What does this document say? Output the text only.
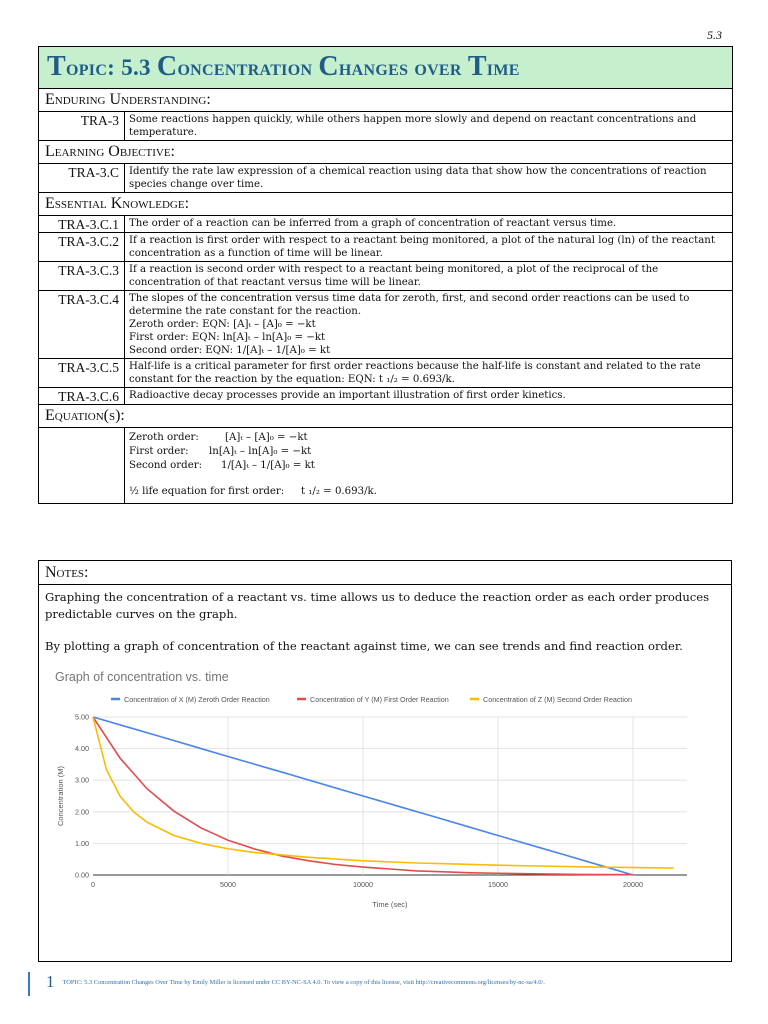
5.3
Topic: 5.3 Concentration Changes over Time	
Enduring Understanding:	
TRA-3	Some reactions happen quickly, while others happen more slowly and depend on reactant concentrations and temperature.
Learning Objective:	
TRA-3.C	Identify the rate law expression of a chemical reaction using data that show how the concentrations of reaction species change over time.
Essential Knowledge:	
TRA-3.C.1	The order of a reaction can be inferred from a graph of concentration of reactant versus time.
TRA-3.C.2	If a reaction is first order with respect to a reactant being monitored, a plot of the natural log (ln) of the reactant concentration as a function of time will be linear.
TRA-3.C.3	If a reaction is second order with respect to a reactant being monitored, a plot of the reciprocal of the concentration of that reactant versus time will be linear.
TRA-3.C.4	The slopes of the concentration versus time data for zeroth, first, and second order reactions can be used to determine the rate constant for the reaction.
Zeroth order: EQN: [A]ₜ – [A]₀ = −kt
First order: EQN: ln[A]ₜ – ln[A]₀ = −kt
Second order: EQN: 1/[A]ₜ – 1/[A]₀ = kt

TRA-3.C.5	Half-life is a critical parameter for first order reactions because the half-life is constant and related to the rate constant for the reaction by the equation: EQN: t ₁/₂ = 0.693/k.
TRA-3.C.6	Radioactive decay processes provide an important illustration of first order kinetics.
Equation(s):	

	Zeroth order: [A]ₜ – [A]₀ = −kt
First order: ln[A]ₜ – ln[A]₀ = −kt
Second order: 1/[A]ₜ – 1/[A]₀ = kt
½ life equation for first order: t ₁/₂ = 0.693/k.
Notes:

Graphing the concentration of a reactant vs. time allows us to deduce the reaction order as each order produces predictable curves on the graph.

By plotting a graph of concentration of the reactant against time, we can see trends and find reaction order.

Graph of concentration vs. time
Concentration of X (M) Zeroth Order Reaction	Concentration of Y (M) First Order Reaction	Concentration of Z (M) Second Order Reaction
0.00
1.00
2.00
3.00
4.00
5.00
0	5000	10000	15000	20000
Time (sec)
Concentration (M)
1 TOPIC: 5.3 Concentration Changes Over Time by Emily Miller is licensed under CC BY-NC-SA 4.0. To view a copy of this license, visit http://creativecommons.org/licenses/by-nc-sa/4.0/.
